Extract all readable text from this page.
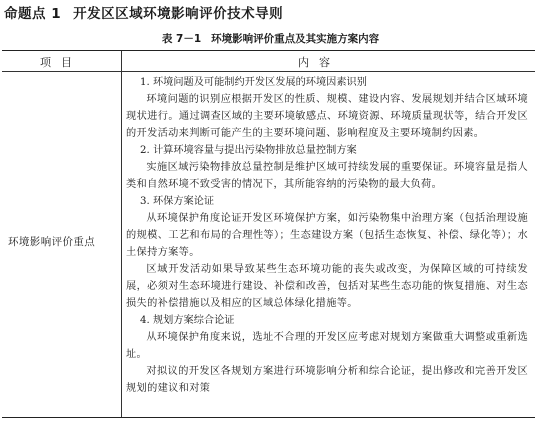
命题点 1 开发区区域环境影响评价技术导则
表 7－1 环境影响评价重点及其实施方案内容
项目	内容
环境影响评价重点
1. 环境问题及可能制约开发区发展的环境因素识别
环境问题的识别应根据开发区的性质、规模、建设内容、发展规划并结合区域环境现状进行。通过调查区域的主要环境敏感点、环境资源、环境质量现状等，结合开发区的开发活动来判断可能产生的主要环境问题、影响程度及主要环境制约因素。
2. 计算环境容量与提出污染物排放总量控制方案
实施区域污染物排放总量控制是维护区域可持续发展的重要保证。环境容量是指人类和自然环境不致受害的情况下，其所能容纳的污染物的最大负荷。
3. 环保方案论证
从环境保护角度论证开发区环境保护方案，如污染物集中治理方案（包括治理设施的规模、工艺和布局的合理性等）；生态建设方案（包括生态恢复、补偿、绿化等）；水土保持方案等。
区域开发活动如果导致某些生态环境功能的丧失或改变，为保障区域的可持续发展，必须对生态环境进行建设、补偿和改善，包括对某些生态功能的恢复措施、对生态损失的补偿措施以及相应的区域总体绿化措施等。
4. 规划方案综合论证
从环境保护角度来说，选址不合理的开发区应考虑对规划方案做重大调整或重新选址。
对拟议的开发区各规划方案进行环境影响分析和综合论证，提出修改和完善开发区规划的建议和对策
